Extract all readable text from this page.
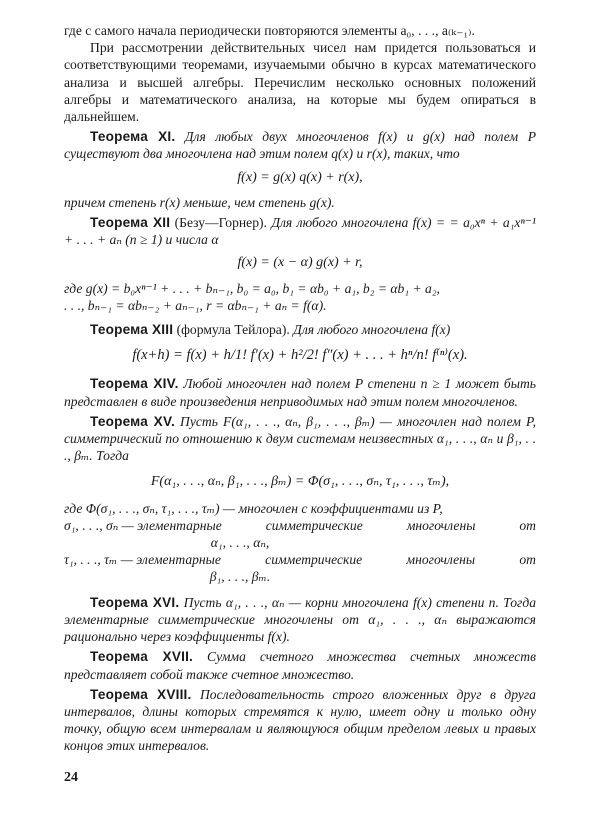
где с самого начала периодически повторяются элементы a₀, . . ., a₍ₖ₋₁₎.

При рассмотрении действительных чисел нам придется пользоваться и соответствующими теоремами, изучаемыми обычно в курсах математического анализа и высшей алгебры. Перечислим несколько основных положений алгебры и математического анализа, на которые мы будем опираться в дальнейшем.

Теорема XI. Для любых двух многочленов f(x) и g(x) над полем P существуют два многочлена над этим полем q(x) и r(x), таких, что

f(x) = g(x) q(x) + r(x),

причем степень r(x) меньше, чем степень g(x).

Теорема XII (Безу—Горнер). Для любого многочлена f(x) = = a₀xⁿ + a₁xⁿ⁻¹ + . . . + aₙ (n ≥ 1) и числа α

f(x) = (x − α) g(x) + r,

где g(x) = b₀xⁿ⁻¹ + . . . + bₙ₋₁, b₀ = a₀, b₁ = αb₀ + a₁, b₂ = αb₁ + a₂,

. . ., bₙ₋₁ = αbₙ₋₂ + aₙ₋₁, r = αbₙ₋₁ + aₙ = f(α).

Теорема XIII (формула Тейлора). Для любого многочлена f(x)

f(x+h) = f(x) + h/1! f′(x) + h²/2! f″(x) + . . . + hⁿ/n! f⁽ⁿ⁾(x).

Теорема XIV. Любой многочлен над полем P степени n ≥ 1 может быть представлен в виде произведения неприводимых над этим полем многочленов.

Теорема XV. Пусть F(α₁, . . ., αₙ, β₁, . . ., βₘ) — многочлен над полем P, симметрический по отношению к двум системам неизвестных α₁, . . ., αₙ и β₁, . . ., βₘ. Тогда

F(α₁, . . ., αₙ, β₁, . . ., βₘ) = Φ(σ₁, . . ., σₙ, τ₁, . . ., τₘ),

где Φ(σ₁, . . ., σₙ, τ₁, . . ., τₘ) — многочлен с коэффициентами из P,

σ₁, . . ., σₙ — элементарные	симметрические	многочлены	от

α₁, . . ., αₙ,

τ₁, . . ., τₘ — элементарные	симметрические	многочлены	от

β₁, . . ., βₘ.

Теорема XVI. Пусть α₁, . . ., αₙ — корни многочлена f(x) степени n. Тогда элементарные симметрические многочлены от α₁, . . ., αₙ выражаются рационально через коэффициенты f(x).

Теорема XVII. Сумма счетного множества счетных множеств представляет собой также счетное множество.

Теорема XVIII. Последовательность строго вложенных друг в друга интервалов, длины которых стремятся к нулю, имеет одну и только одну точку, общую всем интервалам и являющуюся общим пределом левых и правых концов этих интервалов.

24
